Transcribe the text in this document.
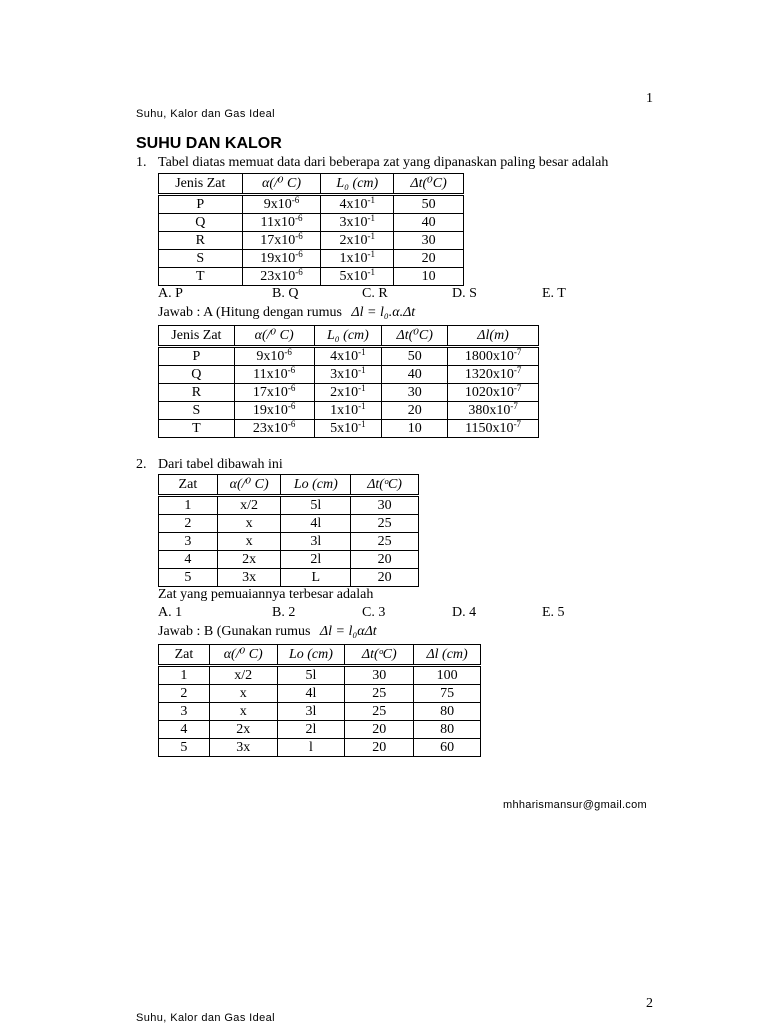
1
Suhu, Kalor dan Gas Ideal
SUHU DAN KALOR
1. Tabel diatas memuat data dari beberapa zat yang dipanaskan paling besar adalah
Jenis Zat	α(/⁰ C)	L₀ (cm)	Δt(⁰C)
P	$9x10^{-6}$	$4x10^{-1}$	50
Q	$11x10^{-6}$	$3x10^{-1}$	40
R	$17x10^{-6}$	$2x10^{-1}$	30
S	$19x10^{-6}$	$1x10^{-1}$	20
T	$23x10^{-6}$	$5x10^{-1}$	10
A. P	B. Q	C. R	D. S	E. T
Jawab : A (Hitung dengan rumus Δl = l₀.α.Δt
Jenis Zat	α(/⁰ C)	L₀ (cm)	Δt(⁰C)	Δl(m)
P	$9x10^{-6}$	$4x10^{-1}$	50	$1800x10^{-7}$
Q	$11x10^{-6}$	$3x10^{-1}$	40	$1320x10^{-7}$
R	$17x10^{-6}$	$2x10^{-1}$	30	$1020x10^{-7}$
S	$19x10^{-6}$	$1x10^{-1}$	20	$380x10^{-7}$
T	$23x10^{-6}$	$5x10^{-1}$	10	$1150x10^{-7}$
2. Dari tabel dibawah ini
Zat	α(/⁰ C)	Lo (cm)	Δt(ᵒC)
1	x/2	5l	30
2	x	4l	25
3	x	3l	25
4	2x	2l	20
5	3x	L	20
Zat yang pemuaiannya terbesar adalah
A. 1	B. 2	C. 3	D. 4	E. 5
Jawab : B (Gunakan rumus Δl = l₀αΔt
Zat	α(/⁰ C)	Lo (cm)	Δt(ᵒC)	Δl (cm)
1	x/2	5l	30	100
2	x	4l	25	75
3	x	3l	25	80
4	2x	2l	20	80
5	3x	l	20	60
mhharismansur@gmail.com
2
Suhu, Kalor dan Gas Ideal
